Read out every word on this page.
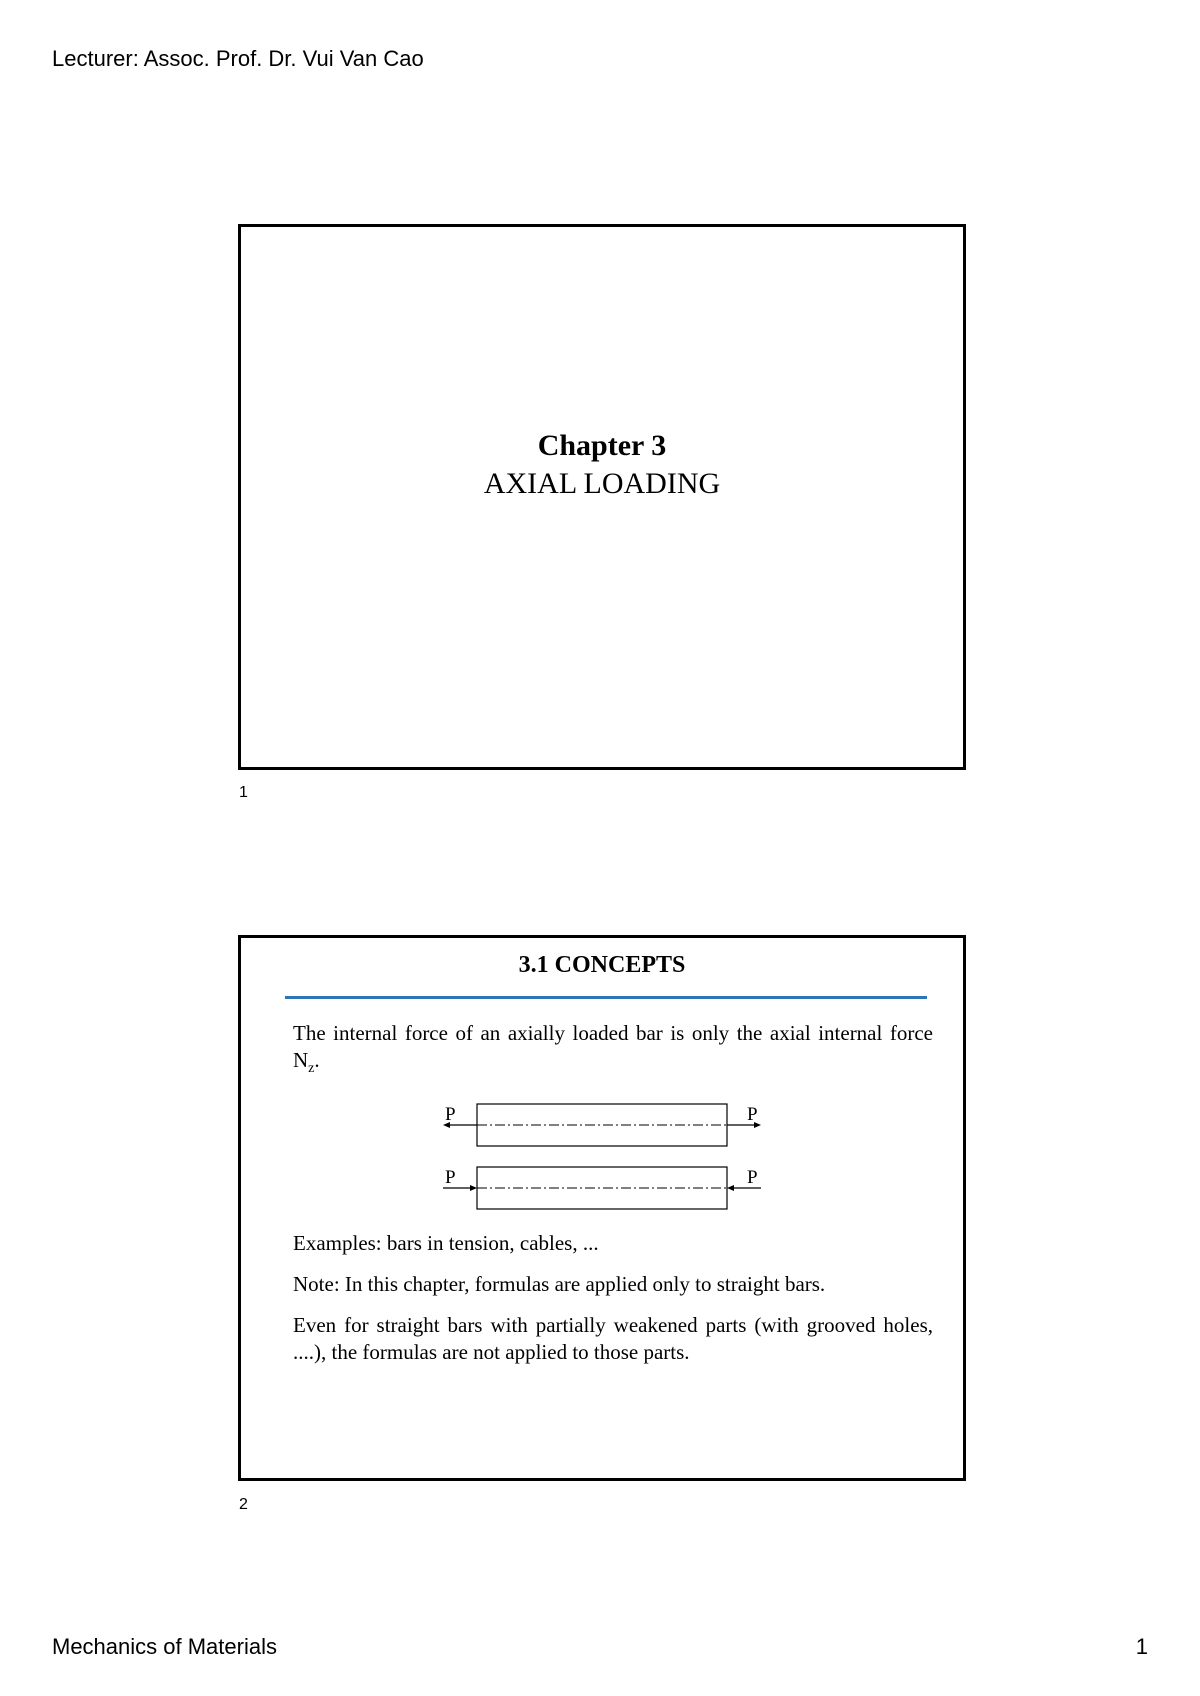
Lecturer: Assoc. Prof. Dr. Vui Van Cao
Chapter 3
AXIAL LOADING
1
3.1 CONCEPTS
The internal force of an axially loaded bar is only the axial internal force $N_z$.
P	P
P	P
Examples: bars in tension, cables, ...
Note: In this chapter, formulas are applied only to straight bars.
Even for straight bars with partially weakened parts (with grooved holes, ....), the formulas are not applied to those parts.
2
Mechanics of Materials	1
